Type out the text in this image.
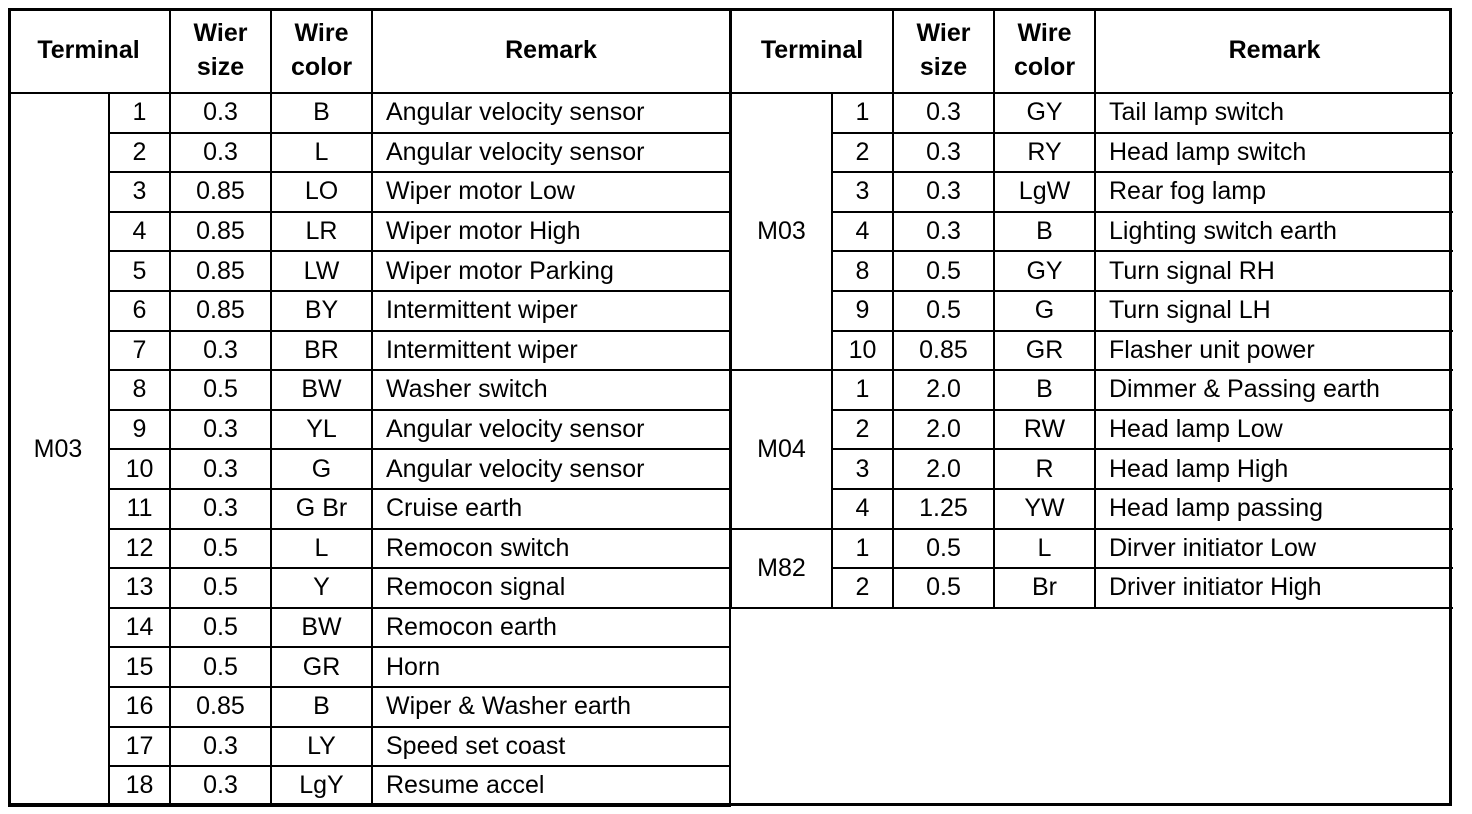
Terminal		Wier size	Wire color	Remark
M03	1	0.3	B	Angular velocity sensor
	2	0.3	L	Angular velocity sensor
	3	0.85	LO	Wiper motor Low
	4	0.85	LR	Wiper motor High
	5	0.85	LW	Wiper motor Parking
	6	0.85	BY	Intermittent wiper
	7	0.3	BR	Intermittent wiper
	8	0.5	BW	Washer switch
	9	0.3	YL	Angular velocity sensor
	10	0.3	G	Angular velocity sensor
	11	0.3	G Br	Cruise earth
	12	0.5	L	Remocon switch
	13	0.5	Y	Remocon signal
	14	0.5	BW	Remocon earth
	15	0.5	GR	Horn
	16	0.85	B	Wiper & Washer earth
	17	0.3	LY	Speed set coast
	18	0.3	LgY	Resume accel
Terminal		Wier size	Wire color	Remark
M03	1	0.3	GY	Tail lamp switch
	2	0.3	RY	Head lamp switch
	3	0.3	LgW	Rear fog lamp
	4	0.3	B	Lighting switch earth
	8	0.5	GY	Turn signal RH
	9	0.5	G	Turn signal LH
	10	0.85	GR	Flasher unit power
M04	1	2.0	B	Dimmer & Passing earth
	2	2.0	RW	Head lamp Low
	3	2.0	R	Head lamp High
	4	1.25	YW	Head lamp passing
M82	1	0.5	L	Dirver initiator Low
	2	0.5	Br	Driver initiator High
